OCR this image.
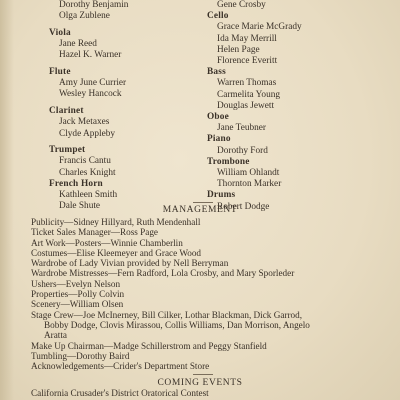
Dorothy Benjamin
Olga Zublene
Viola
Jane Reed
Hazel K. Warner
Flute
Amy June Currier
Wesley Hancock
Clarinet
Jack Metaxes
Clyde Appleby
Trumpet
Francis Cantu
Charles Knight
French Horn
Kathleen Smith
Dale Shute
Gene Crosby
Cello
Grace Marie McGrady
Ida May Merrill
Helen Page
Florence Everitt
Bass
Warren Thomas
Carmelita Young
Douglas Jewett
Oboe
Jane Teubner
Piano
Dorothy Ford
Trombone
William Ohlandt
Thornton Marker
Drums
Robert Dodge
MANAGEMENT
Publicity—Sidney Hillyard, Ruth Mendenhall
Ticket Sales Manager—Ross Page
Art Work—Posters—Winnie Chamberlin
Costumes—Elise Kleemeyer and Grace Wood
Wardrobe of Lady Vivian provided by Nell Berryman
Wardrobe Mistresses—Fern Radford, Lola Crosby, and Mary Sporleder
Ushers—Evelyn Nelson
Properties—Polly Colvin
Scenery—William Olsen
Stage Crew—Joe McInerney, Bill Cilker, Lothar Blackman, Dick Garrod,
Bobby Dodge, Clovis Mirassou, Collis Williams, Dan Morrison, Angelo
Aratta
Make Up Chairman—Madge Schillerstrom and Peggy Stanfield
Tumbling—Dorothy Baird
Acknowledgements—Crider's Department Store
COMING EVENTS
California Crusader's District Oratorical Contest
